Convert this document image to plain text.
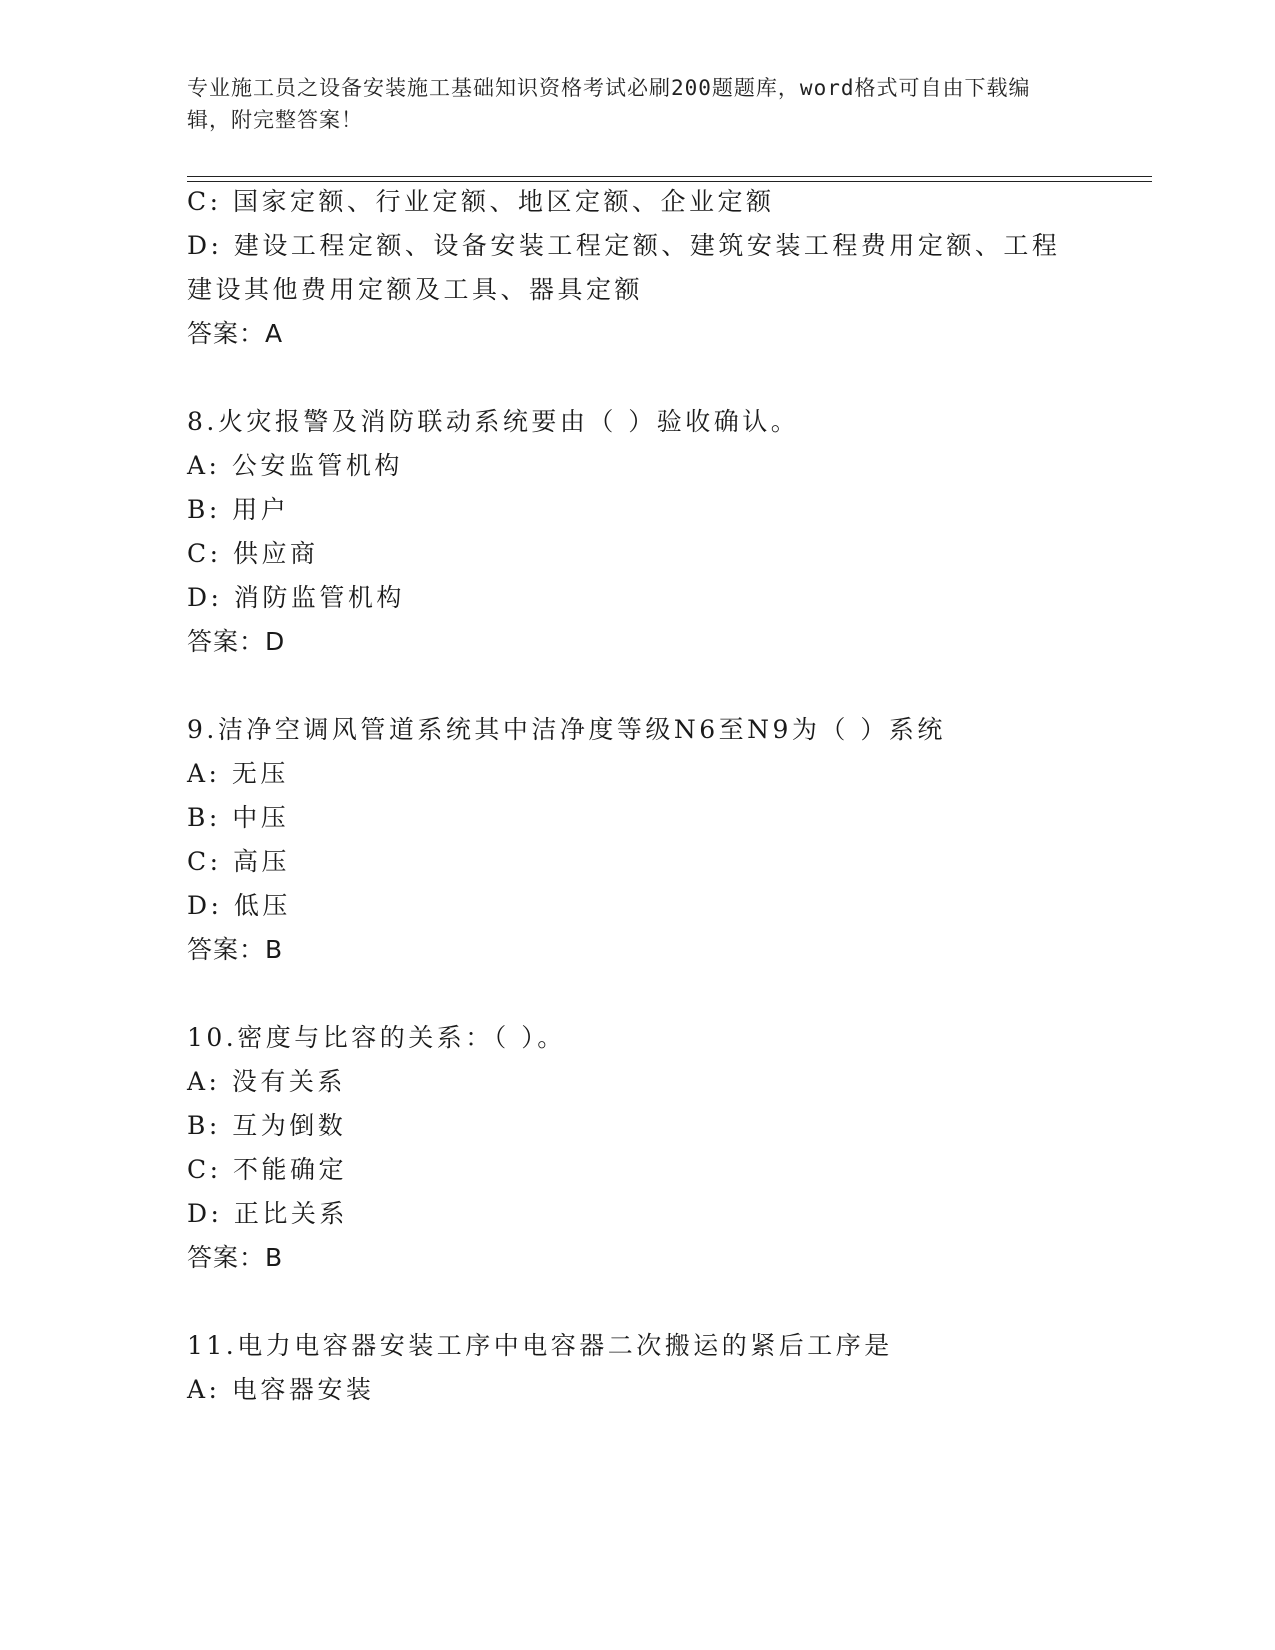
专业施工员之设备安装施工基础知识资格考试必刷200题题库，word格式可自由下载编辑，附完整答案！
C: 国家定额、行业定额、地区定额、企业定额
D: 建设工程定额、设备安装工程定额、建筑安装工程费用定额、工程
建设其他费用定额及工具、器具定额
答案：A
8.火灾报警及消防联动系统要由（ ）验收确认。
A: 公安监管机构
B: 用户
C: 供应商
D: 消防监管机构
答案：D
9.洁净空调风管道系统其中洁净度等级N6至N9为（ ）系统
A: 无压
B: 中压
C: 高压
D: 低压
答案：B
10.密度与比容的关系：（ ）。
A: 没有关系
B: 互为倒数
C: 不能确定
D: 正比关系
答案：B
11.电力电容器安装工序中电容器二次搬运的紧后工序是
A: 电容器安装
